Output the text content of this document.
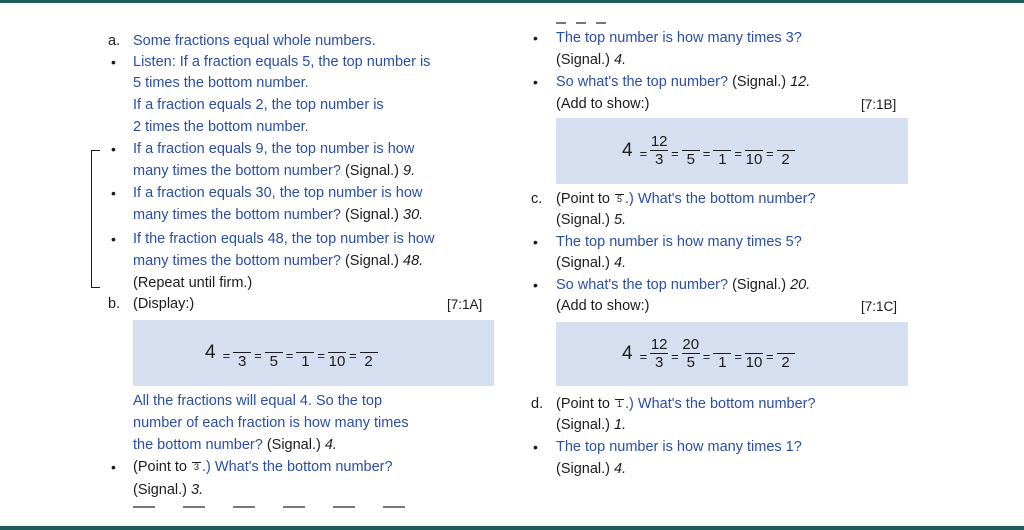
a. Some fractions equal whole numbers.
• Listen: If a fraction equals 5, the top number is
5 times the bottom number.
If a fraction equals 2, the top number is
2 times the bottom number.
• If a fraction equals 9, the top number is how
many times the bottom number? (Signal.) 9.
• If a fraction equals 30, the top number is how
many times the bottom number? (Signal.) 30.
• If the fraction equals 48, the top number is how
many times the bottom number? (Signal.) 48.
(Repeat until firm.)
b. (Display:)	[7:1A]
4 = 3 = 5 = 1 = 10 = 2
All the fractions will equal 4. So the top
number of each fraction is how many times
the bottom number? (Signal.) 4.
• (Point to 3 .) What's the bottom number?
(Signal.) 3.
• The top number is how many times 3?
(Signal.) 4.
• So what's the top number? (Signal.) 12.
(Add to show:)	[7:1B]
$4 = \frac{12}{3} = 5 = 1 = 10 = 2$
c. (Point to 5 .) What's the bottom number?
(Signal.) 5.
• The top number is how many times 5?
(Signal.) 4.
• So what's the top number? (Signal.) 20.
(Add to show:)	[7:1C]
$4 = \frac{12}{3} = \frac{20}{5} = 1 = 10 = 2$
d. (Point to 1 .) What's the bottom number?
(Signal.) 1.
• The top number is how many times 1?
(Signal.) 4.
